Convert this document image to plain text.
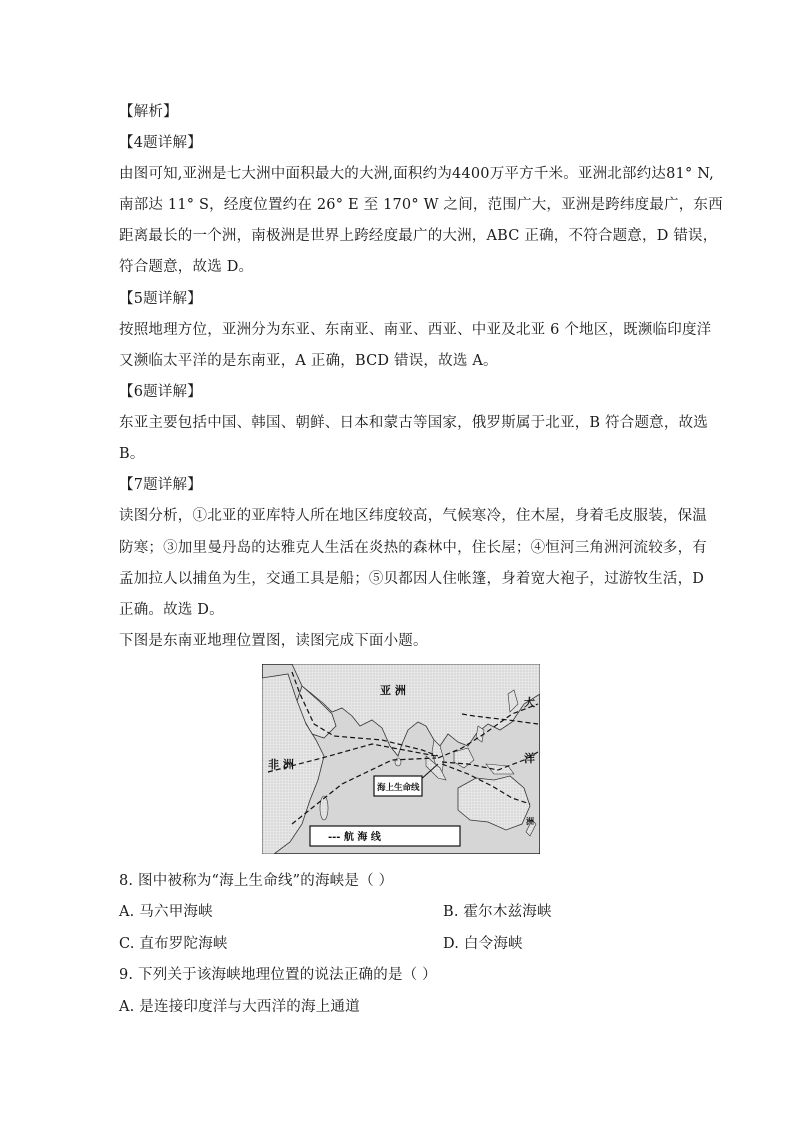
【解析】
【4题详解】
由图可知,亚洲是七大洲中面积最大的大洲,面积约为4400万平方千米。亚洲北部约达81° N,
南部达 11° S，经度位置约在 26° E 至 170° W 之间，范围广大，亚洲是跨纬度最广，东西
距离最长的一个洲，南极洲是世界上跨经度最广的大洲，ABC 正确，不符合题意，D 错误，
符合题意，故选 D。
【5题详解】
按照地理方位，亚洲分为东亚、东南亚、南亚、西亚、中亚及北亚 6 个地区，既濒临印度洋
又濒临太平洋的是东南亚，A 正确，BCD 错误，故选 A。
【6题详解】
东亚主要包括中国、韩国、朝鲜、日本和蒙古等国家，俄罗斯属于北亚，B 符合题意，故选
B。
【7题详解】
读图分析，①北亚的亚库特人所在地区纬度较高，气候寒冷，住木屋，身着毛皮服装，保温
防寒；③加里曼丹岛的达雅克人生活在炎热的森林中，住长屋；④恒河三角洲河流较多，有
孟加拉人以捕鱼为生，交通工具是船；⑤贝都因人住帐篷，身着宽大袍子，过游牧生活，D
正确。故选 D。
下图是东南亚地理位置图，读图完成下面小题。
亚 洲
非 洲
大
洋
洲
海上生命线
--- 航 海 线
8. 图中被称为“海上生命线”的海峡是（ ）
A. 马六甲海峡	B. 霍尔木兹海峡
C. 直布罗陀海峡	D. 白令海峡
9. 下列关于该海峡地理位置的说法正确的是（ ）
A. 是连接印度洋与大西洋的海上通道
